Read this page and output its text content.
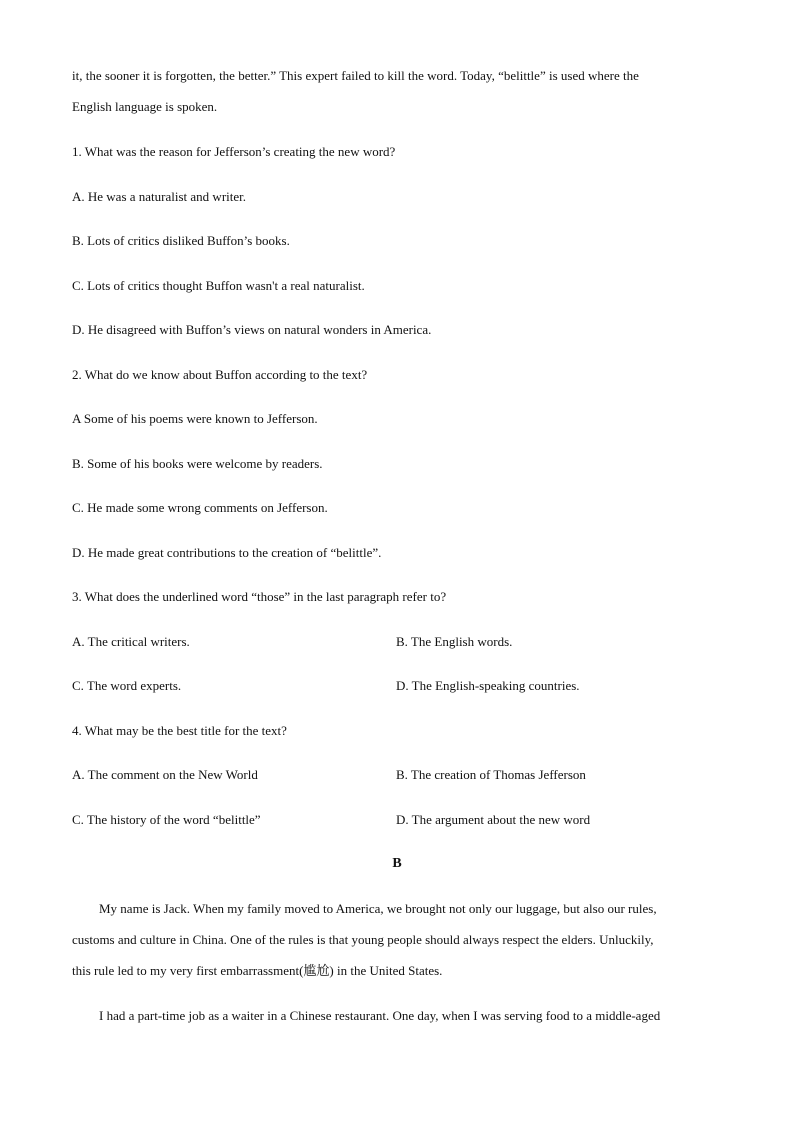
it, the sooner it is forgotten, the better.” This expert failed to kill the word. Today, “belittle” is used where the
English language is spoken.
1. What was the reason for Jefferson’s creating the new word?
A. He was a naturalist and writer.
B. Lots of critics disliked Buffon’s books.
C. Lots of critics thought Buffon wasn't a real naturalist.
D. He disagreed with Buffon’s views on natural wonders in America.
2. What do we know about Buffon according to the text?
A Some of his poems were known to Jefferson.
B. Some of his books were welcome by readers.
C. He made some wrong comments on Jefferson.
D. He made great contributions to the creation of “belittle”.
3. What does the underlined word “those” in the last paragraph refer to?
A. The critical writers.	B. The English words.
C. The word experts.	D. The English-speaking countries.
4. What may be the best title for the text?
A. The comment on the New World	B. The creation of Thomas Jefferson
C. The history of the word “belittle”	D. The argument about the new word
B
My name is Jack. When my family moved to America, we brought not only our luggage, but also our rules,
customs and culture in China. One of the rules is that young people should always respect the elders. Unluckily,
this rule led to my very first embarrassment(尴尬) in the United States.
I had a part-time job as a waiter in a Chinese restaurant. One day, when I was serving food to a middle-aged
